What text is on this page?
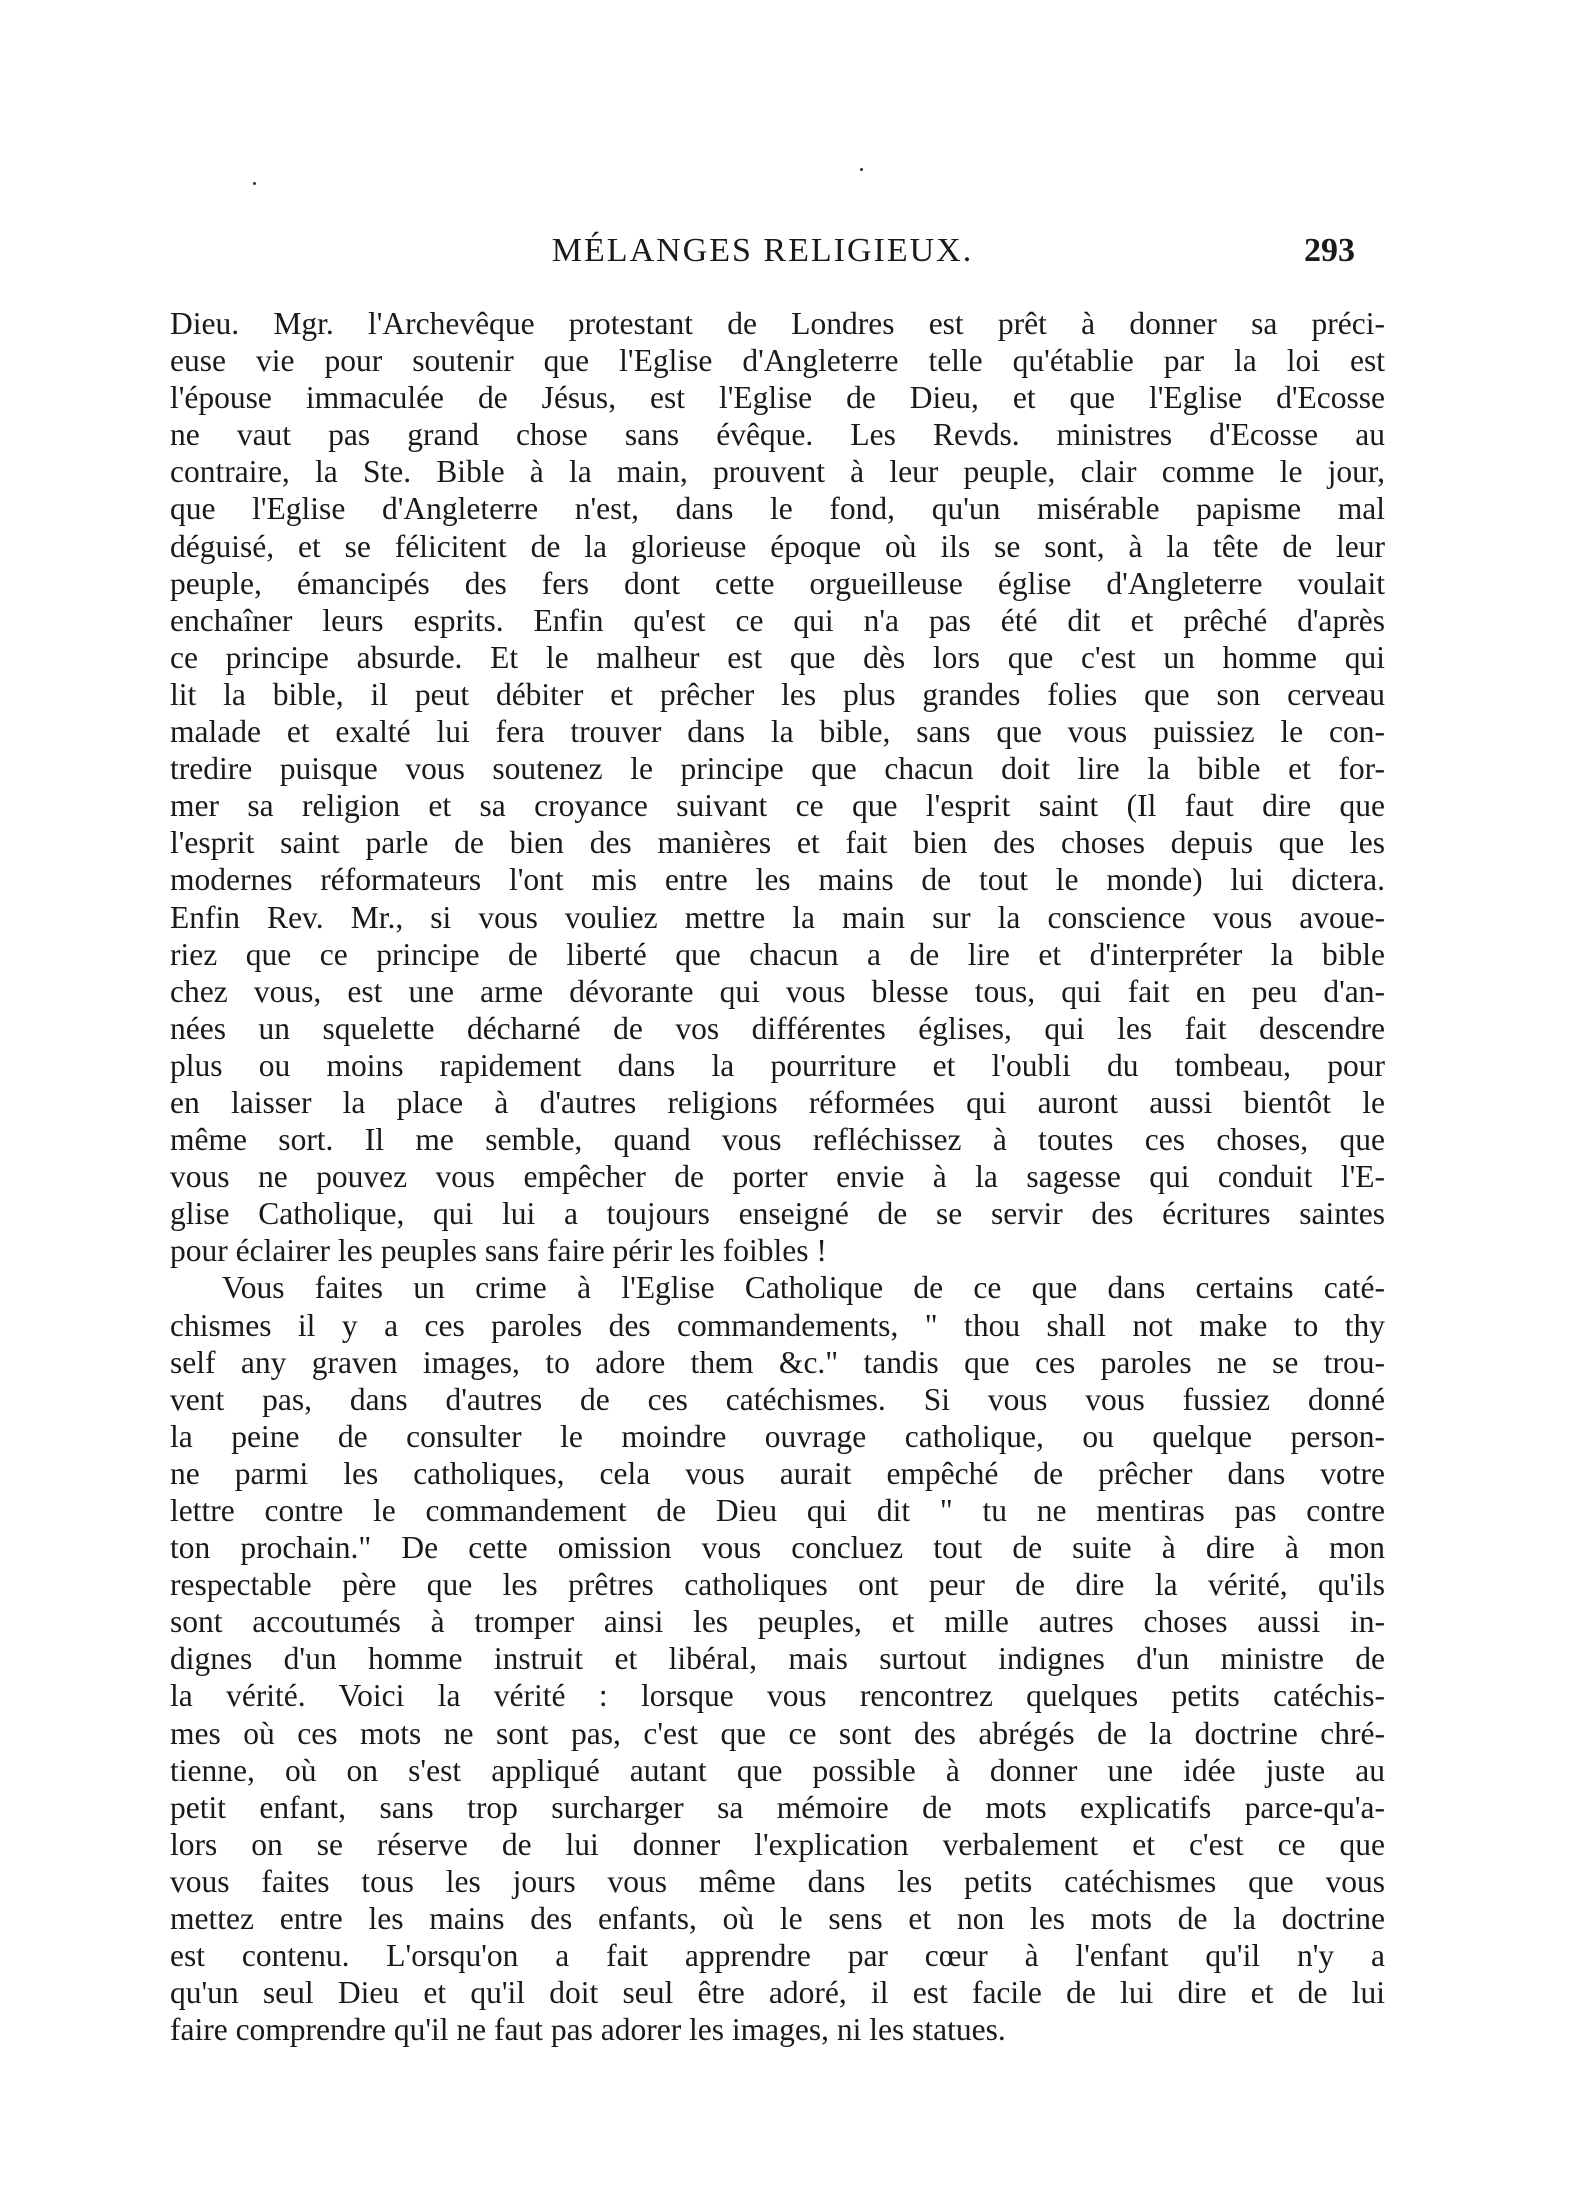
MÉLANGES RELIGIEUX.	293
Dieu. Mgr. l'Archevêque protestant de Londres est prêt à donner sa préci-
euse vie pour soutenir que l'Eglise d'Angleterre telle qu'établie par la loi est
l'épouse immaculée de Jésus, est l'Eglise de Dieu, et que l'Eglise d'Ecosse
ne vaut pas grand chose sans évêque. Les Revds. ministres d'Ecosse au
contraire, la Ste. Bible à la main, prouvent à leur peuple, clair comme le jour,
que l'Eglise d'Angleterre n'est, dans le fond, qu'un misérable papisme mal
déguisé, et se félicitent de la glorieuse époque où ils se sont, à la tête de leur
peuple, émancipés des fers dont cette orgueilleuse église d'Angleterre voulait
enchaîner leurs esprits. Enfin qu'est ce qui n'a pas été dit et prêché d'après
ce principe absurde. Et le malheur est que dès lors que c'est un homme qui
lit la bible, il peut débiter et prêcher les plus grandes folies que son cerveau
malade et exalté lui fera trouver dans la bible, sans que vous puissiez le con-
tredire puisque vous soutenez le principe que chacun doit lire la bible et for-
mer sa religion et sa croyance suivant ce que l'esprit saint (Il faut dire que
l'esprit saint parle de bien des manières et fait bien des choses depuis que les
modernes réformateurs l'ont mis entre les mains de tout le monde) lui dictera.
Enfin Rev. Mr., si vous vouliez mettre la main sur la conscience vous avoue-
riez que ce principe de liberté que chacun a de lire et d'interpréter la bible
chez vous, est une arme dévorante qui vous blesse tous, qui fait en peu d'an-
nées un squelette décharné de vos différentes églises, qui les fait descendre
plus ou moins rapidement dans la pourriture et l'oubli du tombeau, pour
en laisser la place à d'autres religions réformées qui auront aussi bientôt le
même sort. Il me semble, quand vous refléchissez à toutes ces choses, que
vous ne pouvez vous empêcher de porter envie à la sagesse qui conduit l'E-
glise Catholique, qui lui a toujours enseigné de se servir des écritures saintes
pour éclairer les peuples sans faire périr les foibles !
Vous faites un crime à l'Eglise Catholique de ce que dans certains caté-
chismes il y a ces paroles des commandements, " thou shall not make to thy
self any graven images, to adore them &c." tandis que ces paroles ne se trou-
vent pas, dans d'autres de ces catéchismes. Si vous vous fussiez donné
la peine de consulter le moindre ouvrage catholique, ou quelque person-
ne parmi les catholiques, cela vous aurait empêché de prêcher dans votre
lettre contre le commandement de Dieu qui dit " tu ne mentiras pas contre
ton prochain." De cette omission vous concluez tout de suite à dire à mon
respectable père que les prêtres catholiques ont peur de dire la vérité, qu'ils
sont accoutumés à tromper ainsi les peuples, et mille autres choses aussi in-
dignes d'un homme instruit et libéral, mais surtout indignes d'un ministre de
la vérité. Voici la vérité : lorsque vous rencontrez quelques petits catéchis-
mes où ces mots ne sont pas, c'est que ce sont des abrégés de la doctrine chré-
tienne, où on s'est appliqué autant que possible à donner une idée juste au
petit enfant, sans trop surcharger sa mémoire de mots explicatifs parce-qu'a-
lors on se réserve de lui donner l'explication verbalement et c'est ce que
vous faites tous les jours vous même dans les petits catéchismes que vous
mettez entre les mains des enfants, où le sens et non les mots de la doctrine
est contenu. L'orsqu'on a fait apprendre par cœur à l'enfant qu'il n'y a
qu'un seul Dieu et qu'il doit seul être adoré, il est facile de lui dire et de lui
faire comprendre qu'il ne faut pas adorer les images, ni les statues.
